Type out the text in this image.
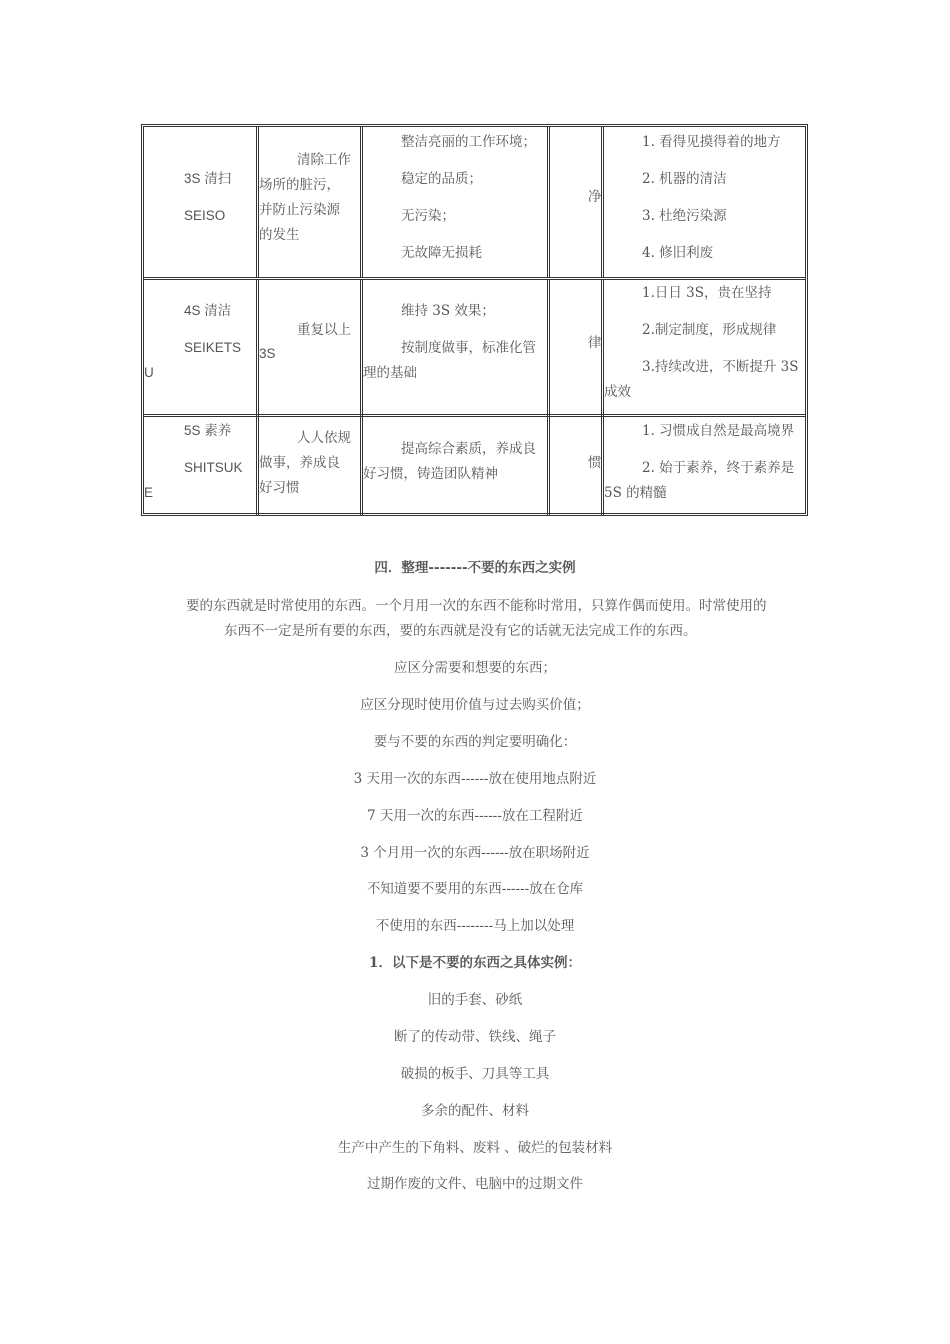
3S 清扫
SEISO
清除工作
场所的脏污，
并防止污染源
的发生
整洁亮丽的工作环境；
稳定的品质；
无污染；
无故障无损耗
净
1. 看得见摸得着的地方
2. 机器的清洁
3. 杜绝污染源
4. 修旧利废
4S 清洁
SEIKETS
U
重复以上
3S
维持 3S 效果；
按制度做事，标准化管
理的基础
律
1.日日 3S，贵在坚持
2.制定制度，形成规律
3.持续改进，不断提升 3S
成效
5S 素养
SHITSUK
E
人人依规
做事，养成良
好习惯
提高综合素质，养成良
好习惯，铸造团队精神
惯
1. 习惯成自然是最高境界
2. 始于素养，终于素养是
5S 的精髓
四．整理-------不要的东西之实例
要的东西就是时常使用的东西。一个月用一次的东西不能称时常用，只算作偶而使用。时常使用的
东西不一定是所有要的东西，要的东西就是没有它的话就无法完成工作的东西。
应区分需要和想要的东西；
应区分现时使用价值与过去购买价值；
要与不要的东西的判定要明确化：
3 天用一次的东西------放在使用地点附近
7 天用一次的东西------放在工程附近
3 个月用一次的东西------放在职场附近
不知道要不要用的东西------放在仓库
不使用的东西--------马上加以处理
1．以下是不要的东西之具体实例：
旧的手套、砂纸
断了的传动带、铁线、绳子
破损的板手、刀具等工具
多余的配件、材料
生产中产生的下角料、废料 、破烂的包装材料
过期作废的文件、电脑中的过期文件
